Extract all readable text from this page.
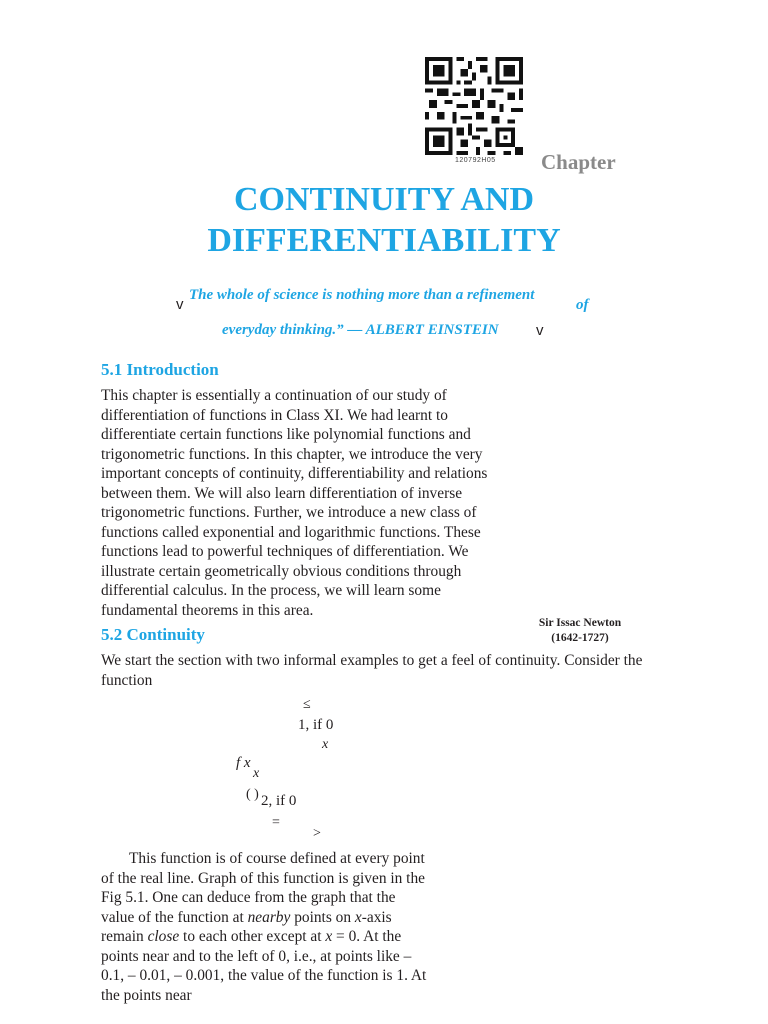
120792H05 Chapter
CONTINUITY AND
DIFFERENTIABILITY
v
The whole of science is nothing more than a refinement
of
everyday thinking.” — ALBERT EINSTEIN v
5.1 Introduction
This chapter is essentially a continuation of our study of differentiation of functions in Class XI. We had learnt to differentiate certain functions like polynomial functions and trigonometric functions. In this chapter, we introduce the very important concepts of continuity, differentiability and relations between them. We will also learn differentiation of inverse trigonometric functions. Further, we introduce a new class of functions called exponential and logarithmic functions. These functions lead to powerful techniques of differentiation. We illustrate certain geometrically obvious conditions through differential calculus. In the process, we will learn some fundamental theorems in this area.
Sir Issac Newton
(1642-1727)
5.2 Continuity
We start the section with two informal examples to get a feel of continuity. Consider the function
≤
1, if 0
x
f x
x
( ) 2, if 0
=
>
This function is of course defined at every point of the real line. Graph of this function is given in the Fig 5.1. One can deduce from the graph that the value of the function at nearby points on x-axis remain close to each other except at x = 0. At the points near and to the left of 0, i.e., at points like – 0.1, – 0.01, – 0.001, the value of the function is 1. At the points near
